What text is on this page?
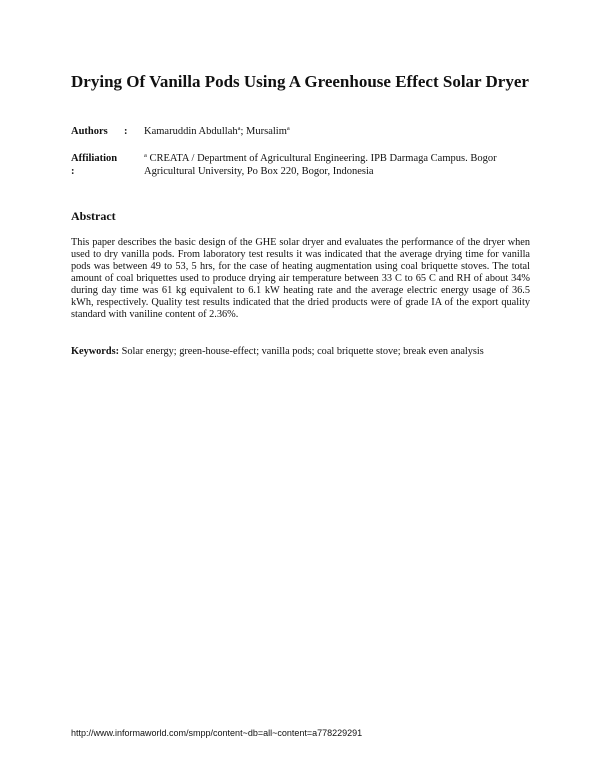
Drying Of Vanilla Pods Using A Greenhouse Effect Solar Dryer
Authors : Kamaruddin Abdullah$^a$; Mursalim$^a$
Affiliation :
$^a$ CREATA / Department of Agricultural Engineering. IPB Darmaga Campus. Bogor Agricultural University, Po Box 220, Bogor, Indonesia
Abstract
This paper describes the basic design of the GHE solar dryer and evaluates the performance of the dryer when used to dry vanilla pods. From laboratory test results it was indicated that the average drying time for vanilla pods was between 49 to 53, 5 hrs, for the case of heating augmentation using coal briquette stoves. The total amount of coal briquettes used to produce drying air temperature between 33 C to 65 C and RH of about 34% during day time was 61 kg equivalent to 6.1 kW heating rate and the average electric energy usage of 36.5 kWh, respectively. Quality test results indicated that the dried products were of grade IA of the export quality standard with vaniline content of 2.36%.
Keywords: Solar energy; green-house-effect; vanilla pods; coal briquette stove; break even analysis
http://www.informaworld.com/smpp/content~db=all~content=a778229291
